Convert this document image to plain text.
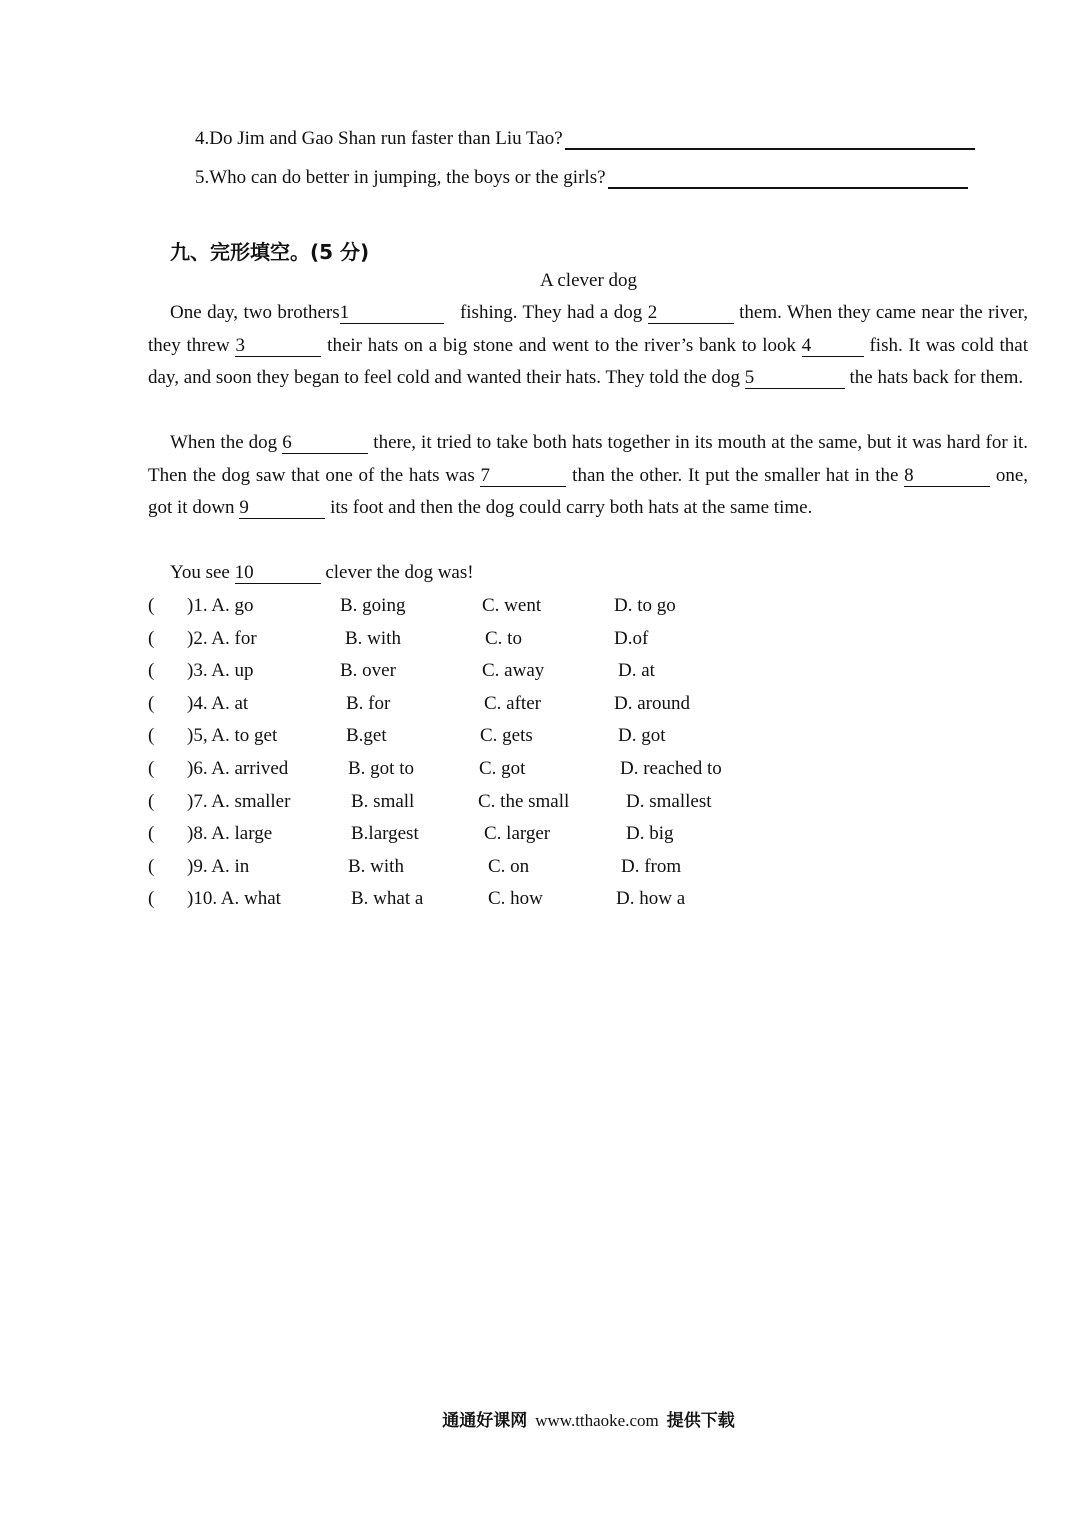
4.Do Jim and Gao Shan run faster than Liu Tao?
5.Who can do better in jumping, the boys or the girls?
九、完形填空。(5 分)
A clever dog
One day, two brothers1	fishing. They had a dog 2	them. When they came near the river, they threw 3	their hats on a big stone and went to the river’s bank to look 4	fish. It was cold that day, and soon they began to feel cold and wanted their hats. They told the dog 5	the hats back for them.
When the dog 6	there, it tried to take both hats together in its mouth at the same, but it was hard for it. Then the dog saw that one of the hats was 7	than the other. It put the smaller hat in the 8	one, got it down 9	its foot and then the dog could carry both hats at the same time.
You see 10	clever the dog was!
( )1. A. go	B. going	C. went	D. to go
( )2. A. for	B. with	C. to	D.of
( )3. A. up	B. over	C. away	D. at
( )4. A. at	B. for	C. after	D. around
( )5, A. to get	B.get	C. gets	D. got
( )6. A. arrived	B. got to	C. got	D. reached to
( )7. A. smaller	B. small	C. the small	D. smallest
( )8. A. large	B.largest	C. larger	D. big
( )9. A. in	B. with	C. on	D. from
( )10. A. what	B. what a	C. how	D. how a
通通好课网 www.tthaoke.com 提供下载
